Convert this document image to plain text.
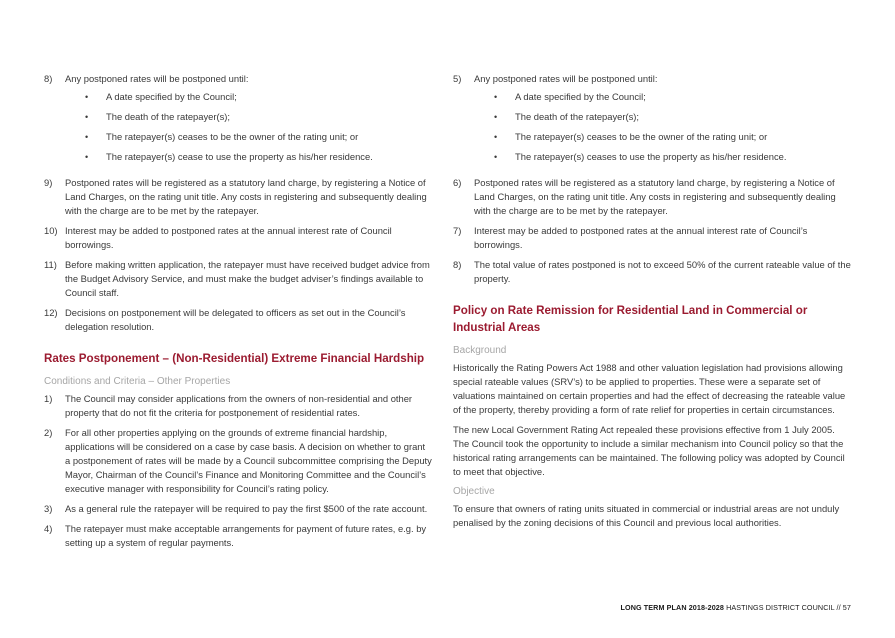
8)	Any postponed rates will be postponed until:
•	A date specified by the Council;
•	The death of the ratepayer(s);
•	The ratepayer(s) ceases to be the owner of the rating unit; or
•	The ratepayer(s) cease to use the property as his/her residence.
9)	Postponed rates will be registered as a statutory land charge, by registering a Notice of Land Charges, on the rating unit title. Any costs in registering and subsequently dealing with the charge are to be met by the ratepayer.
10) Interest may be added to postponed rates at the annual interest rate of Council borrowings.
11) Before making written application, the ratepayer must have received budget advice from the Budget Advisory Service, and must make the budget adviser’s findings available to Council staff.
12) Decisions on postponement will be delegated to officers as set out in the Council’s delegation resolution.
Rates Postponement – (Non-Residential) Extreme Financial Hardship
Conditions and Criteria – Other Properties
1)	The Council may consider applications from the owners of non-residential and other property that do not fit the criteria for postponement of residential rates.
2)	For all other properties applying on the grounds of extreme financial hardship, applications will be considered on a case by case basis. A decision on whether to grant a postponement of rates will be made by a Council subcommittee comprising the Deputy Mayor, Chairman of the Council’s Finance and Monitoring Committee and the Council’s executive manager with responsibility for Council’s rating policy.
3)	As a general rule the ratepayer will be required to pay the first $500 of the rate account.
4)	The ratepayer must make acceptable arrangements for payment of future rates, e.g. by setting up a system of regular payments.
5)	Any postponed rates will be postponed until:
•	A date specified by the Council;
•	The death of the ratepayer(s);
•	The ratepayer(s) ceases to be the owner of the rating unit; or
•	The ratepayer(s) ceases to use the property as his/her residence.
6)	Postponed rates will be registered as a statutory land charge, by registering a Notice of Land Charges, on the rating unit title. Any costs in registering and subsequently dealing with the charge are to be met by the ratepayer.
7)	Interest may be added to postponed rates at the annual interest rate of Council’s borrowings.
8)	The total value of rates postponed is not to exceed 50% of the current rateable value of the property.
Policy on Rate Remission for Residential Land in Commercial or Industrial Areas
Background
Historically the Rating Powers Act 1988 and other valuation legislation had provisions allowing special rateable values (SRV’s) to be applied to properties. These were a separate set of valuations maintained on certain properties and had the effect of decreasing the rateable value of the property, thereby providing a form of rate relief for properties in certain circumstances.
The new Local Government Rating Act repealed these provisions effective from 1 July 2005. The Council took the opportunity to include a similar mechanism into Council policy so that the historical rating arrangements can be maintained. The following policy was adopted by Council to meet that objective.
Objective
To ensure that owners of rating units situated in commercial or industrial areas are not unduly penalised by the zoning decisions of this Council and previous local authorities.
LONG TERM PLAN 2018-2028 HASTINGS DISTRICT COUNCIL // 57
